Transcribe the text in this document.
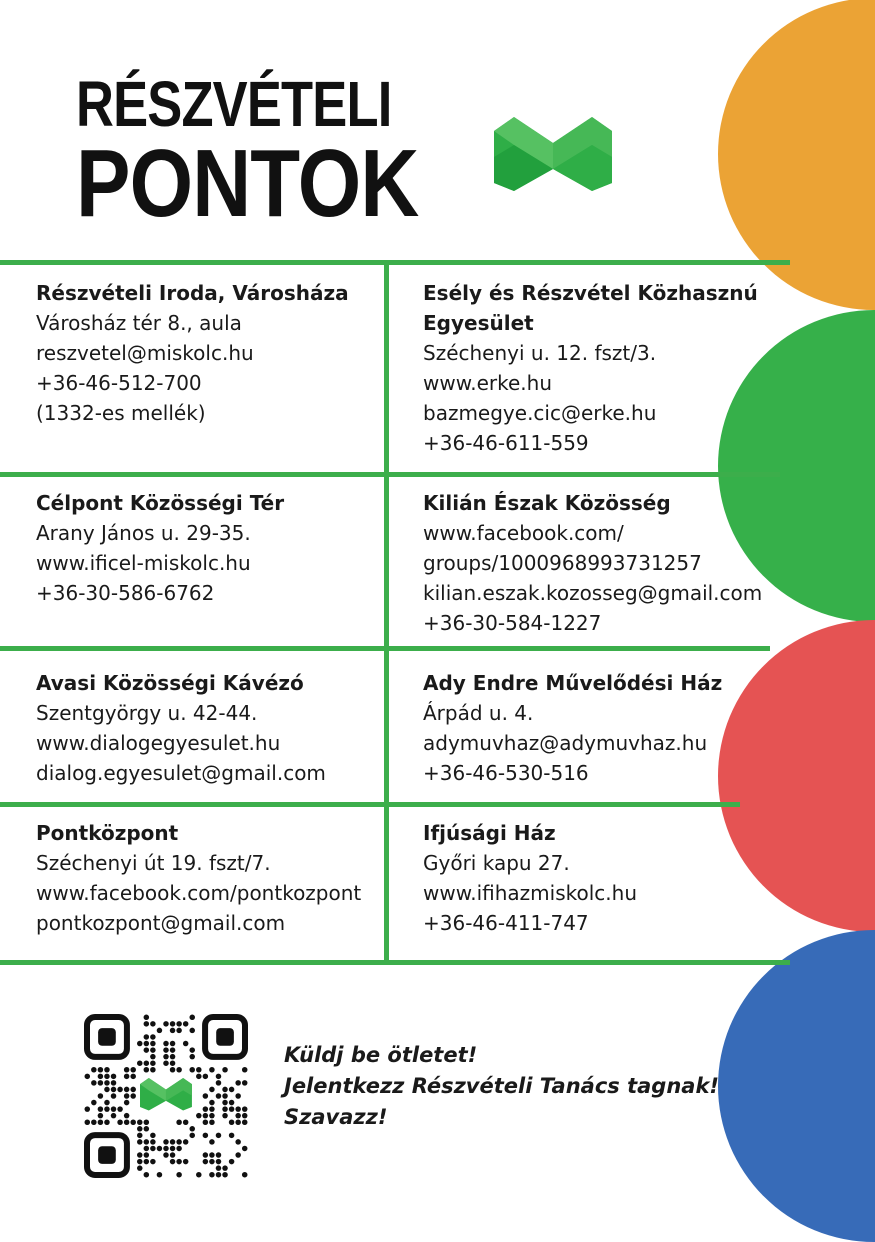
RÉSZVÉTELI
PONTOK
Részvételi Iroda, Városháza
Városház tér 8., aula
reszvetel@miskolc.hu
+36-46-512-700
(1332-es mellék)
Esély és Részvétel Közhasznú
Egyesület
Széchenyi u. 12. fszt/3.
www.erke.hu
bazmegye.cic@erke.hu
+36-46-611-559
Célpont Közösségi Tér
Arany János u. 29-35.
www.ificel-miskolc.hu
+36-30-586-6762
Kilián Észak Közösség
www.facebook.com/
groups/1000968993731257
kilian.eszak.kozosseg@gmail.com
+36-30-584-1227
Avasi Közösségi Kávézó
Szentgyörgy u. 42-44.
www.dialogegyesulet.hu
dialog.egyesulet@gmail.com
Ady Endre Művelődési Ház
Árpád u. 4.
adymuvhaz@adymuvhaz.hu
+36-46-530-516
Pontközpont
Széchenyi út 19. fszt/7.
www.facebook.com/pontkozpont
pontkozpont@gmail.com
Ifjúsági Ház
Győri kapu 27.
www.ifihazmiskolc.hu
+36-46-411-747
Küldj be ötletet!
Jelentkezz Részvételi Tanács tagnak!
Szavazz!
